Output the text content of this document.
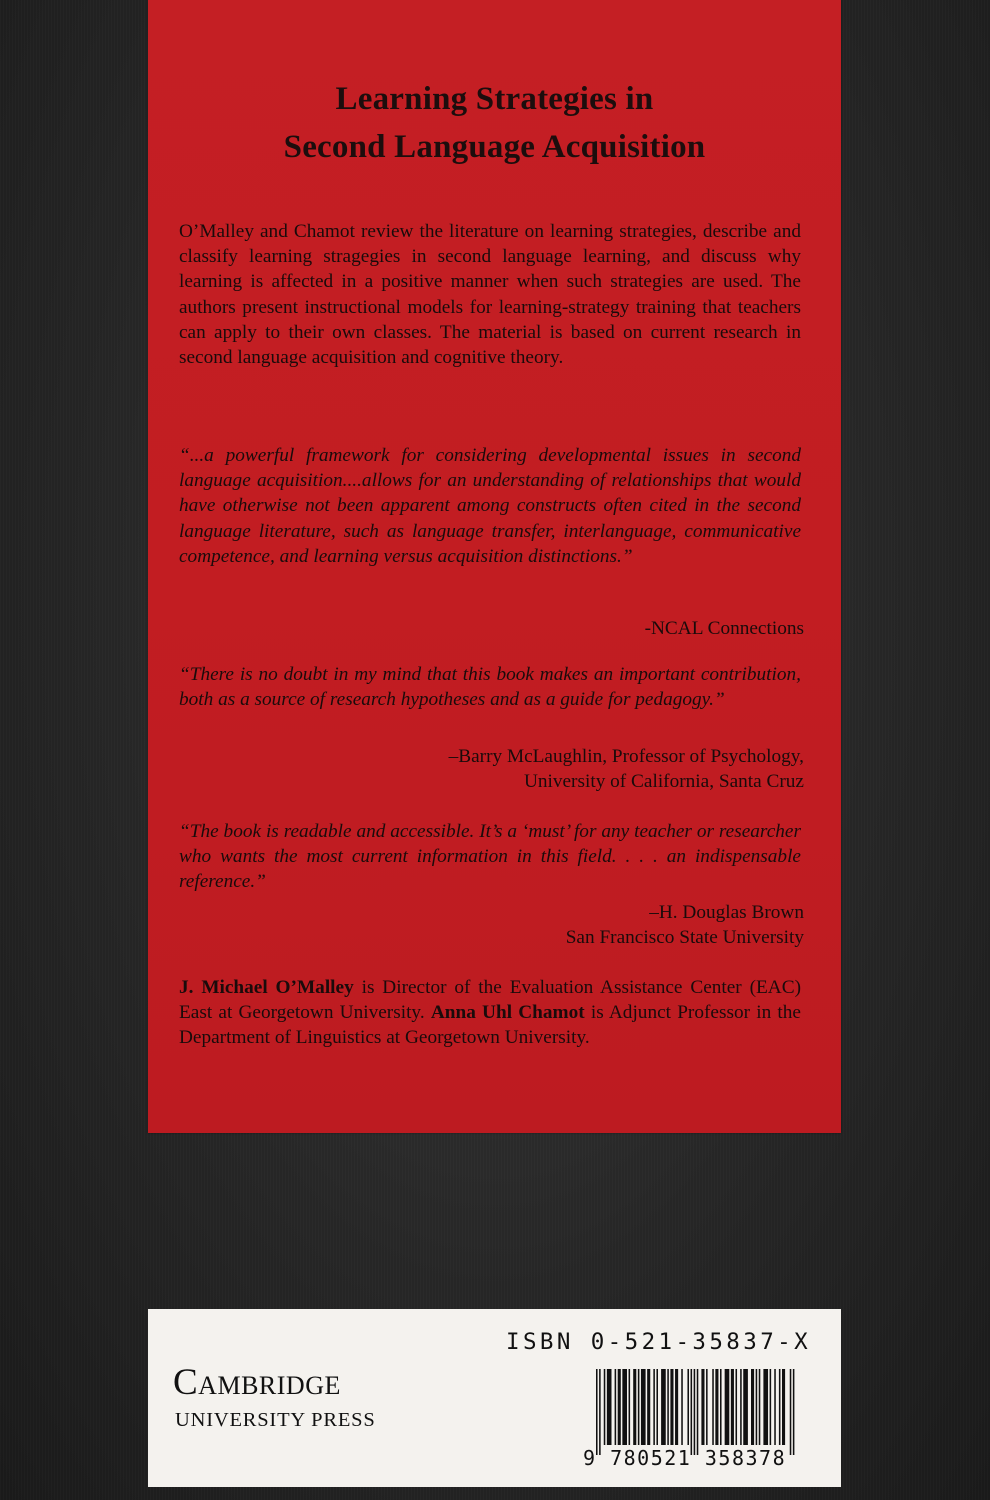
Learning Strategies in
Second Language Acquisition

O’Malley and Chamot review the literature on learning strategies, describe and classify learning stragegies in second language learning, and discuss why learning is affected in a positive manner when such strategies are used. The authors present instructional models for learning-strategy training that teachers can apply to their own classes. The material is based on current research in second language acquisition and cognitive theory.

“...a powerful framework for considering developmental issues in second language acquisition....allows for an understanding of relationships that would have otherwise not been apparent among constructs often cited in the second language literature, such as language transfer, interlanguage, communicative competence, and learning versus acquisition distinctions.”

-NCAL Connections

“There is no doubt in my mind that this book makes an important contribution, both as a source of research hypotheses and as a guide for pedagogy.”

–Barry McLaughlin, Professor of Psychology,
University of California, Santa Cruz

“The book is readable and accessible. It’s a ‘must’ for any teacher or researcher who wants the most current information in this field. . . . an indispensable reference.”

–H. Douglas Brown
San Francisco State University

J. Michael O’Malley is Director of the Evaluation Assistance Center (EAC) East at Georgetown University. Anna Uhl Chamot is Adjunct Professor in the Department of Linguistics at Georgetown University.

Cambridge

UNIVERSITY PRESS

ISBN 0-521-35837-X

9 780521 358378
